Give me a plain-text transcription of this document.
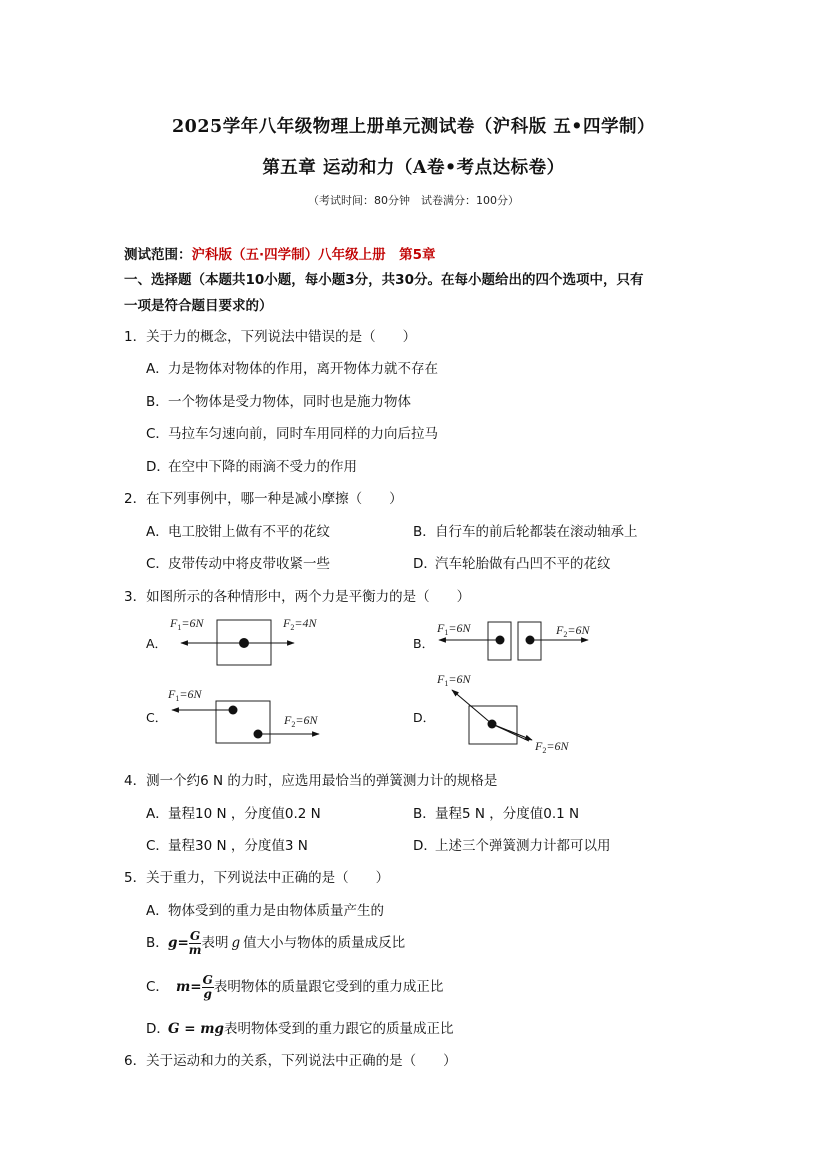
2025学年八年级物理上册单元测试卷（沪科版 五•四学制）
第五章 运动和力（A卷•考点达标卷）
（考试时间：80分钟　试卷满分：100分）
测试范围：沪科版（五·四学制）八年级上册　第5章
一、选择题（本题共10小题，每小题3分，共30分。在每小题给出的四个选项中，只有
一项是符合题目要求的）
1．关于力的概念，下列说法中错误的是（　　）
A．力是物体对物体的作用，离开物体力就不存在
B．一个物体是受力物体，同时也是施力物体
C．马拉车匀速向前，同时车用同样的力向后拉马
D．在空中下降的雨滴不受力的作用
2．在下列事例中，哪一种是减小摩擦（　　）
A．电工胶钳上做有不平的花纹	B．自行车的前后轮都装在滚动轴承上
C．皮带传动中将皮带收紧一些	D．汽车轮胎做有凸凹不平的花纹
3．如图所示的各种情形中，两个力是平衡力的是（　　）
A．
$F_1=6N$	$F_2=4N$
B．
$F_1=6N$	$F_2=6N$
C．
$F_1=6N$
$F_2=6N$	D．
$F_1=6N$
$F_2=6N$
4．测一个约6 N 的力时，应选用最恰当的弹簧测力计的规格是
A．量程10 N ，分度值0.2 N	B．量程5 N ，分度值0.1 N
C．量程30 N ，分度值3 N	D．上述三个弹簧测力计都可以用
5．关于重力，下列说法中正确的是（　　）
A．物体受到的重力是由物体质量产生的
B．$g= \frac{G}{m}$ 表明 g 值大小与物体的质量成反比
C． $m= \frac{G}{g}$ 表明物体的质量跟它受到的重力成正比
D．G = mg表明物体受到的重力跟它的质量成正比
6．关于运动和力的关系，下列说法中正确的是（　　）
